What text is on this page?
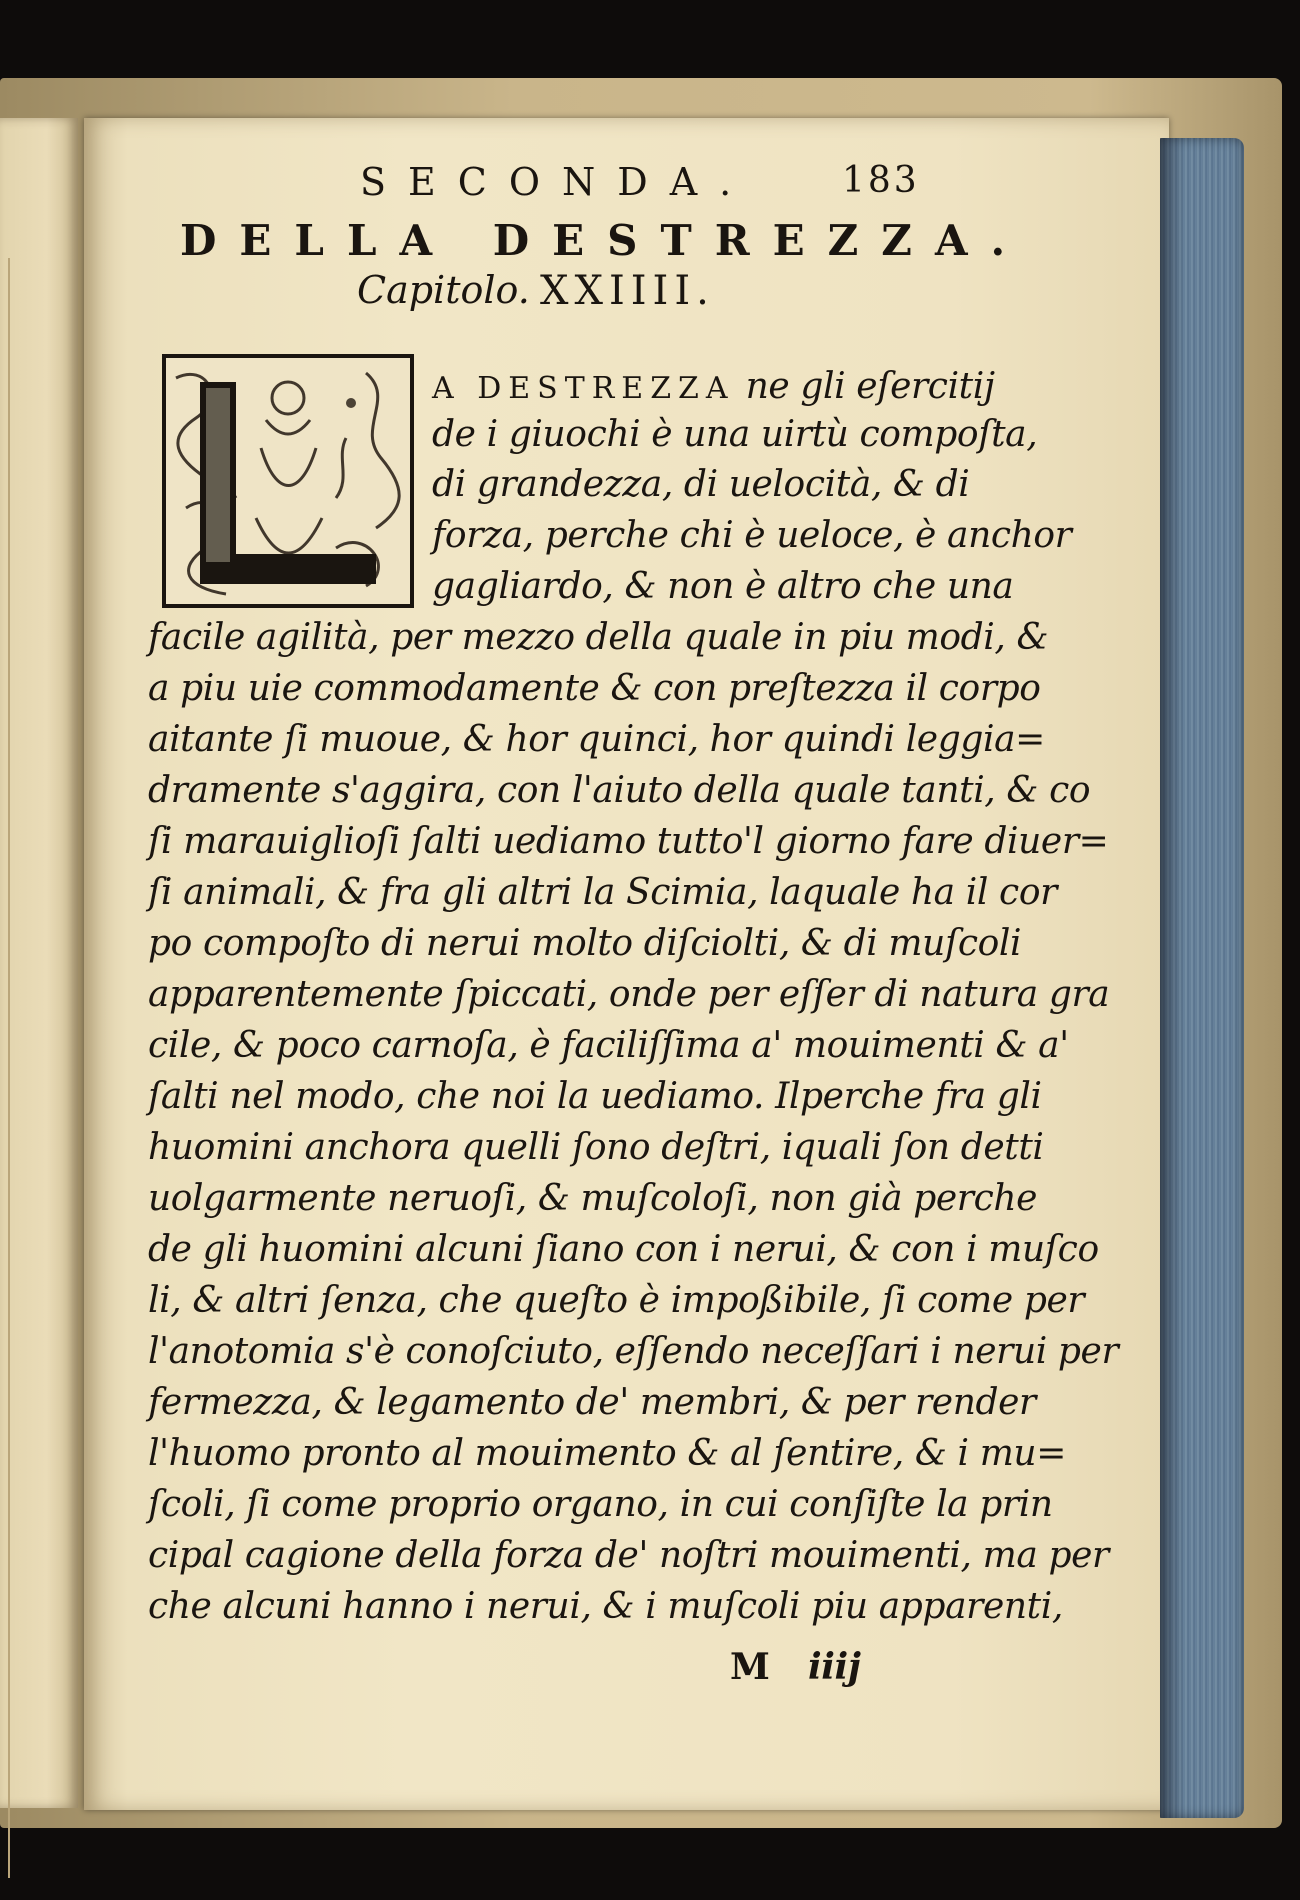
SECONDA. 183
DELLA DESTREZZA.
Capitolo. XXIIII.
A DESTREZZA ne gli eſercitij
de i giuochi è una uirtù compoſta,
di grandezza, di uelocità, & di
forza, perche chi è ueloce, è anchor
gagliardo, & non è altro che una
facile agilità, per mezzo della quale in piu modi, &
a piu uie commodamente & con preſtezza il corpo
aitante ſi muoue, & hor quinci, hor quindi leggia=
dramente s'aggira, con l'aiuto della quale tanti, & co
ſi marauiglioſi ſalti uediamo tutto'l giorno fare diuer=
ſi animali, & fra gli altri la Scimia, laquale ha il cor
po compoſto di nerui molto diſciolti, & di muſcoli
apparentemente ſpiccati, onde per eſſer di natura gra
cile, & poco carnoſa, è faciliſſima a' mouimenti & a'
ſalti nel modo, che noi la uediamo. Ilperche fra gli
huomini anchora quelli ſono deſtri, iquali ſon detti
uolgarmente neruoſi, & muſcoloſi, non già perche
de gli huomini alcuni ſiano con i nerui, & con i muſco
li, & altri ſenza, che queſto è impoßibile, ſi come per
l'anotomia s'è conoſciuto, eſſendo neceſſari i nerui per
fermezza, & legamento de' membri, & per render
l'huomo pronto al mouimento & al ſentire, & i mu=
ſcoli, ſi come proprio organo, in cui conſiſte la prin
cipal cagione della forza de' noſtri mouimenti, ma per
che alcuni hanno i nerui, & i muſcoli piu apparenti,
M iiij
